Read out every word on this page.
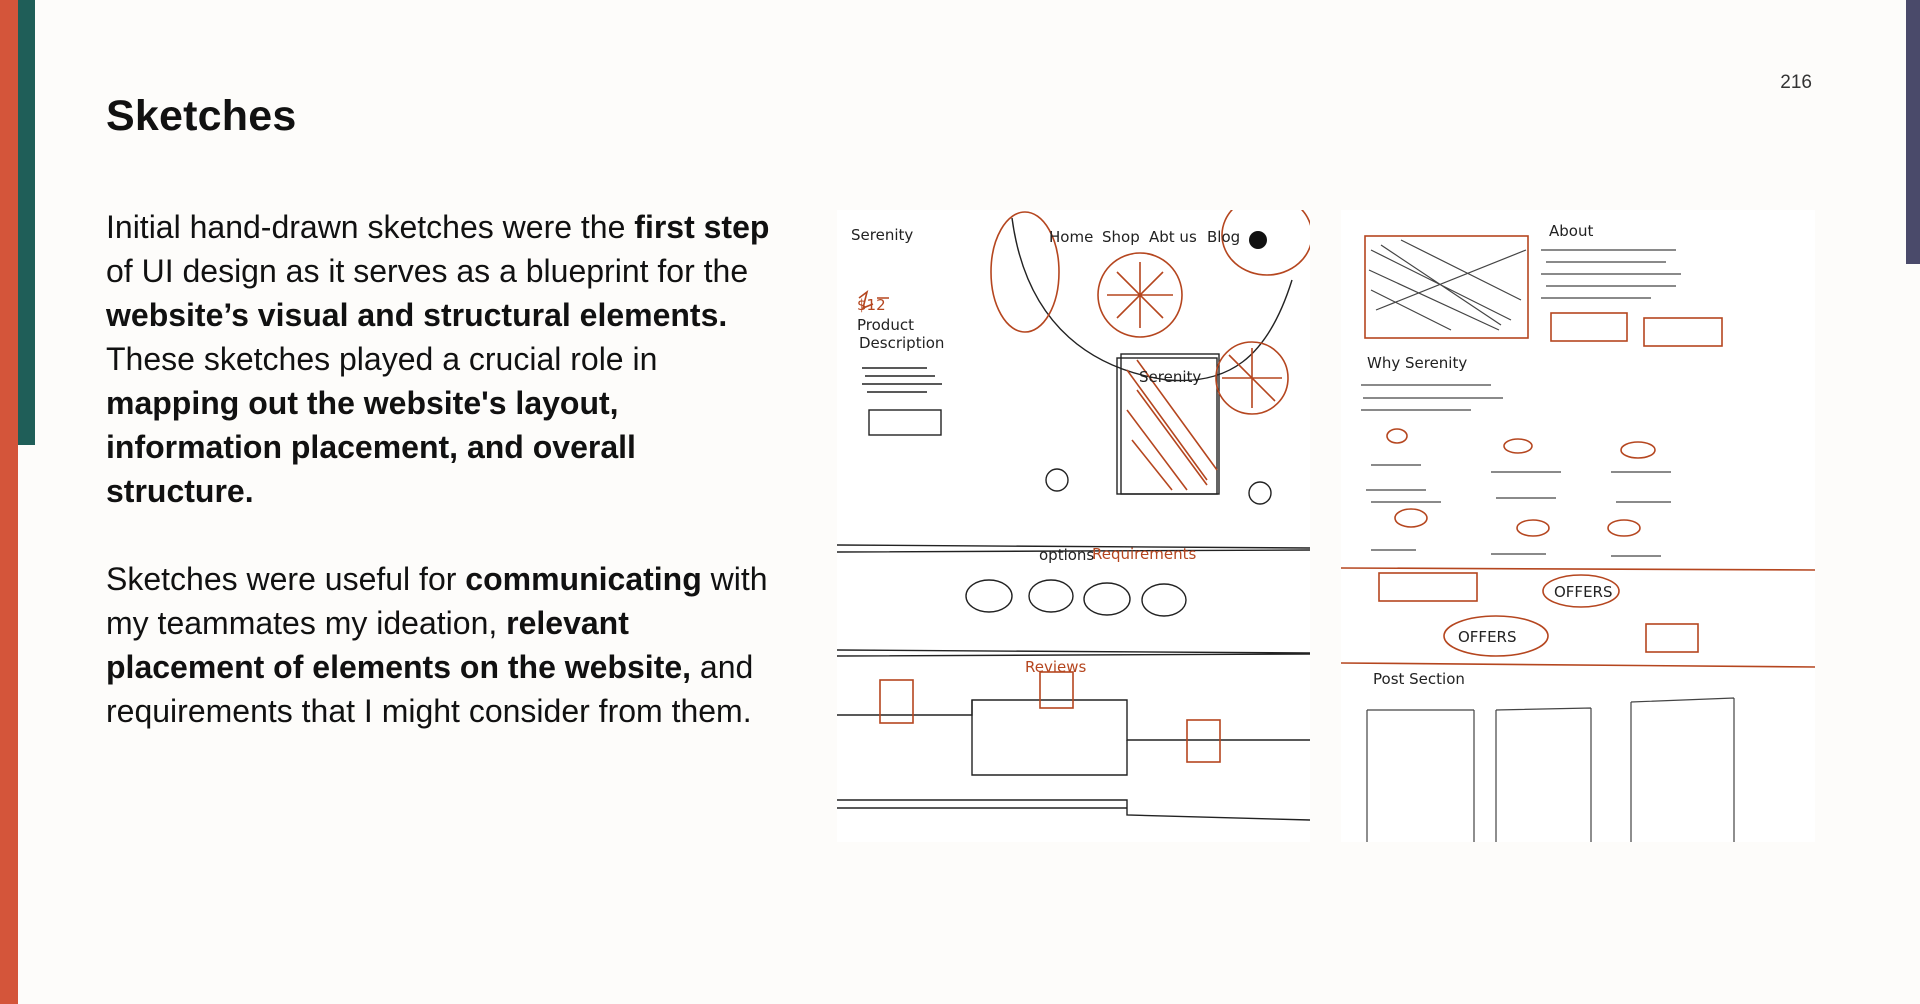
216
Sketches

Initial hand-drawn sketches were the first step of UI design as it serves as a blueprint for the website’s visual and structural elements. These sketches played a crucial role in mapping out the website's layout, information placement, and overall structure.

Sketches were useful for communicating with my teammates my ideation, relevant placement of elements on the website, and requirements that I might consider from them.

Serenity	Home Shop Abt us Blog
$12
Product
Description
Serenity
options
Requirements
Reviews
About
Why Serenity
OFFERS
OFFERS
Post Section
